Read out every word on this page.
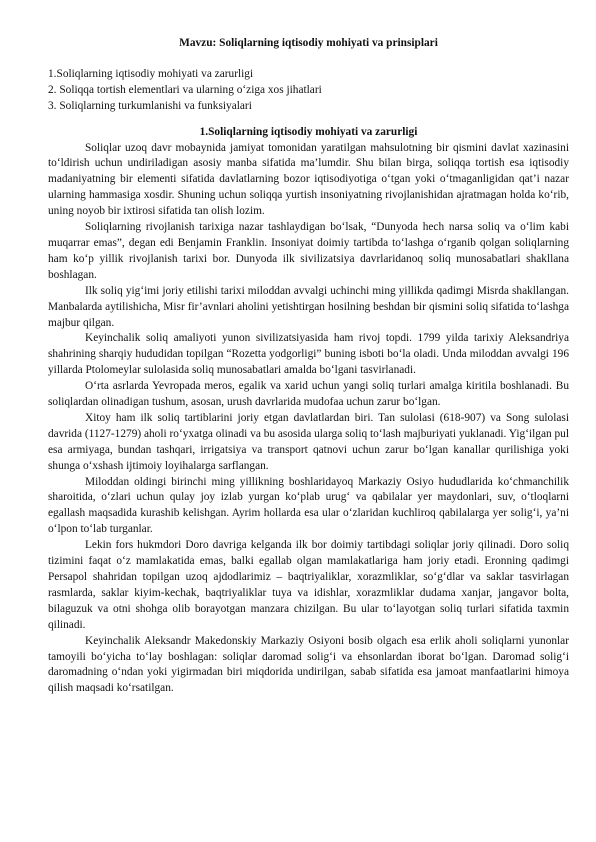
Mavzu: Soliqlarning iqtisodiy mohiyati va prinsiplari
1.Soliqlarning iqtisodiy mohiyati va zarurligi
2. Soliqqa tortish elementlari va ularning o‘ziga xos jihatlari
3. Soliqlarning turkumlanishi va funksiyalari
1.Soliqlarning iqtisodiy mohiyati va zarurligi

Soliqlar uzoq davr mobaynida jamiyat tomonidan yaratilgan mahsulotning bir qismini davlat xazinasini to‘ldirish uchun undiriladigan asosiy manba sifatida ma’lumdir. Shu bilan birga, soliqqa tortish esa iqtisodiy madaniyatning bir elementi sifatida davlatlarning bozor iqtisodiyotiga o‘tgan yoki o‘tmaganligidan qat’i nazar ularning hammasiga xosdir. Shuning uchun soliqqa yurtish insoniyatning rivojlanishidan ajratmagan holda ko‘rib, uning noyob bir ixtirosi sifatida tan olish lozim.

Soliqlarning rivojlanish tarixiga nazar tashlaydigan bo‘lsak, “Dunyoda hech narsa soliq va o‘lim kabi muqarrar emas”, degan edi Benjamin Franklin. Insoniyat doimiy tartibda to‘lashga o‘rganib qolgan soliqlarning ham ko‘p yillik rivojlanish tarixi bor. Dunyoda ilk sivilizatsiya davrlaridanoq soliq munosabatlari shakllana boshlagan.

Ilk soliq yig‘imi joriy etilishi tarixi miloddan avvalgi uchinchi ming yillikda qadimgi Misrda shakllangan. Manbalarda aytilishicha, Misr fir’avnlari aholini yetishtirgan hosilning beshdan bir qismini soliq sifatida to‘lashga majbur qilgan.

Keyinchalik soliq amaliyoti yunon sivilizatsiyasida ham rivoj topdi. 1799 yilda tarixiy Aleksandriya shahrining sharqiy hududidan topilgan “Rozetta yodgorligi” buning isboti bo‘la oladi. Unda miloddan avvalgi 196 yillarda Ptolomeylar sulolasida soliq munosabatlari amalda bo‘lgani tasvirlanadi.

O‘rta asrlarda Yevropada meros, egalik va xarid uchun yangi soliq turlari amalga kiritila boshlanadi. Bu soliqlardan olinadigan tushum, asosan, urush davrlarida mudofaa uchun zarur bo‘lgan.

Xitoy ham ilk soliq tartiblarini joriy etgan davlatlardan biri. Tan sulolasi (618-907) va Song sulolasi davrida (1127-1279) aholi ro‘yxatga olinadi va bu asosida ularga soliq to‘lash majburiyati yuklanadi. Yig‘ilgan pul esa armiyaga, bundan tashqari, irrigatsiya va transport qatnovi uchun zarur bo‘lgan kanallar qurilishiga yoki shunga o‘xshash ijtimoiy loyihalarga sarflangan.

Miloddan oldingi birinchi ming yillikning boshlaridayoq Markaziy Osiyo hududlarida ko‘chmanchilik sharoitida, o‘zlari uchun qulay joy izlab yurgan ko‘plab urug‘ va qabilalar yer maydonlari, suv, o‘tloqlarni egallash maqsadida kurashib kelishgan. Ayrim hollarda esa ular o‘zlaridan kuchliroq qabilalarga yer solig‘i, ya’ni o‘lpon to‘lab turganlar.

Lekin fors hukmdori Doro davriga kelganda ilk bor doimiy tartibdagi soliqlar joriy qilinadi. Doro soliq tizimini faqat o‘z mamlakatida emas, balki egallab olgan mamlakatlariga ham joriy etadi. Eronning qadimgi Persapol shahridan topilgan uzoq ajdodlarimiz – baqtriyaliklar, xorazmliklar, so‘g‘dlar va saklar tasvirlagan rasmlarda, saklar kiyim-kechak, baqtriyaliklar tuya va idishlar, xorazmliklar dudama xanjar, jangavor bolta, bilaguzuk va otni shohga olib borayotgan manzara chizilgan. Bu ular to‘layotgan soliq turlari sifatida taxmin qilinadi.

Keyinchalik Aleksandr Makedonskiy Markaziy Osiyoni bosib olgach esa erlik aholi soliqlarni yunonlar tamoyili bo‘yicha to‘lay boshlagan: soliqlar daromad solig‘i va ehsonlardan iborat bo‘lgan. Daromad solig‘i daromadning o‘ndan yoki yigirmadan biri miqdorida undirilgan, sabab sifatida esa jamoat manfaatlarini himoya qilish maqsadi ko‘rsatilgan.
